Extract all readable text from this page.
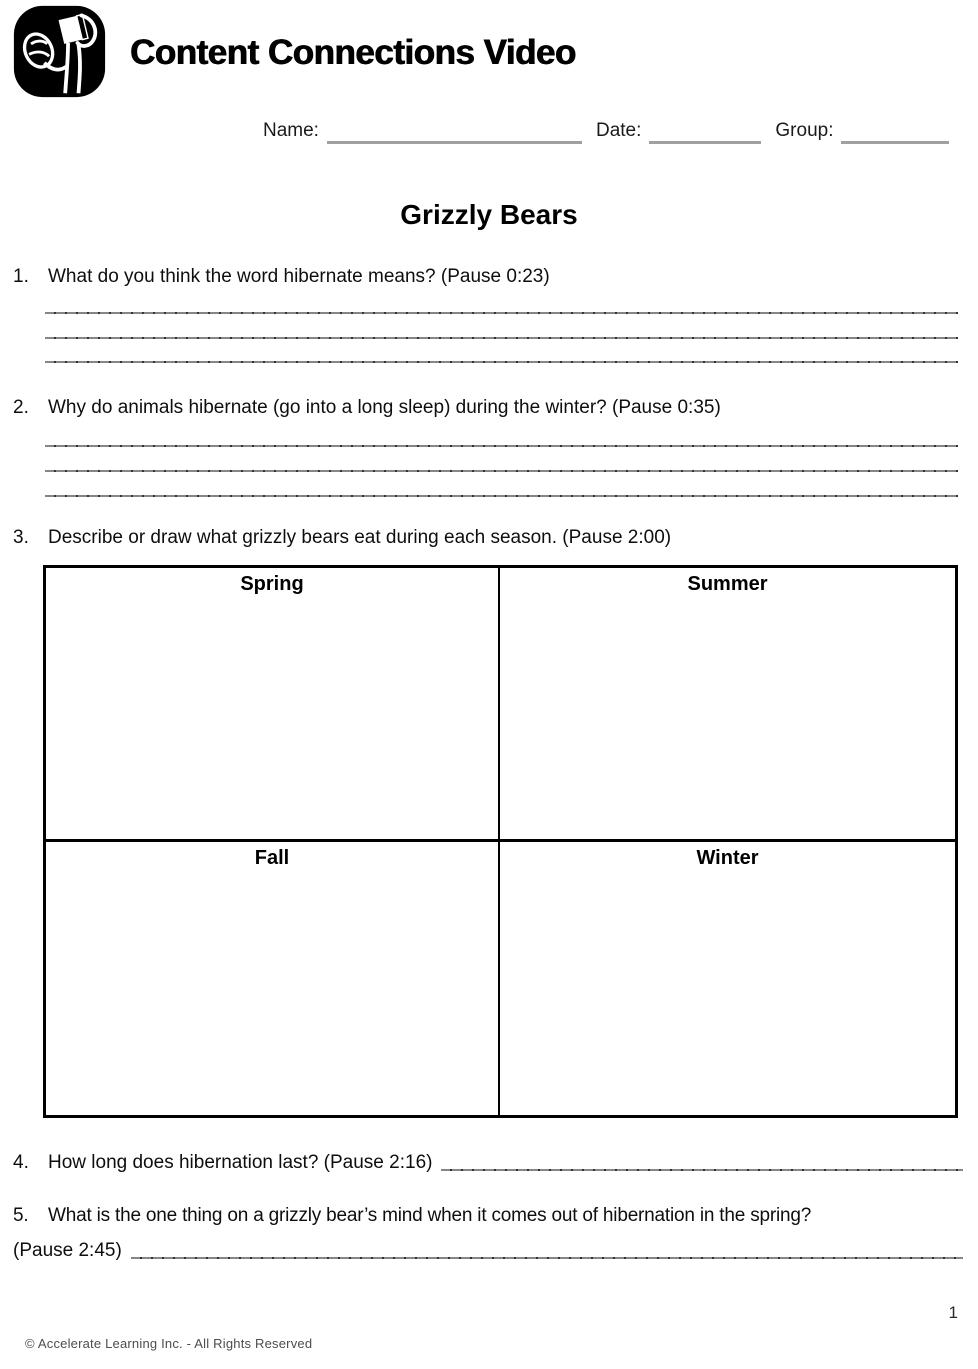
Content Connections Video
Name:	Date:	Group:
Grizzly Bears
1.	What do you think the word hibernate means? (Pause 0:23)
2.	Why do animals hibernate (go into a long sleep) during the winter? (Pause 0:35)
3.	Describe or draw what grizzly bears eat during each season. (Pause 2:00)
Spring	Summer
Fall	Winter
4.	How long does hibernation last? (Pause 2:16)
5.	What is the one thing on a grizzly bear’s mind when it comes out of hibernation in the spring?
(Pause 2:45)
© Accelerate Learning Inc. - All Rights Reserved
1
